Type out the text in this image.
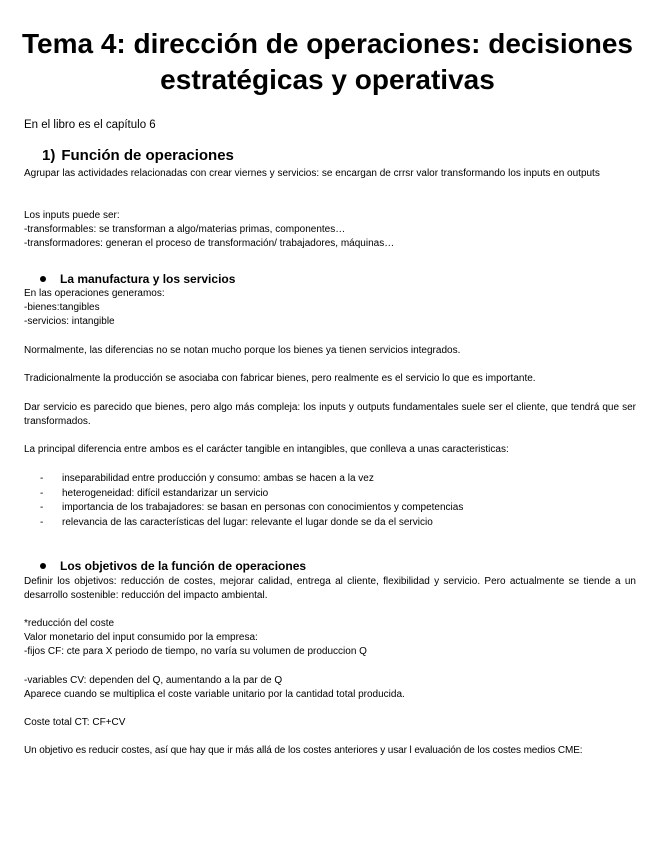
Tema 4: dirección de operaciones: decisiones
estratégicas y operativas

En el libro es el capítulo 6

1) Función de operaciones

Agrupar las actividades relacionadas con crear viernes y servicios: se encargan de crrsr valor transformando los inputs en outputs

Los inputs puede ser:
-transformables: se transforman a algo/materias primas, componentes…
-transformadores: generan el proceso de transformación/ trabajadores, máquinas…

La manufactura y los servicios

En las operaciones generamos:
-bienes:tangibles
-servicios: intangible

Normalmente, las diferencias no se notan mucho porque los bienes ya tienen servicios integrados.

Tradicionalmente la producción se asociaba con fabricar bienes, pero realmente es el servicio lo que es importante.

Dar servicio es parecido que bienes, pero algo más compleja: los inputs y outputs fundamentales suele ser el cliente, que tendrá que ser transformados.

La principal diferencia entre ambos es el carácter tangible en intangibles, que conlleva a unas caracteristicas:

- inseparabilidad entre producción y consumo: ambas se hacen a la vez
- heterogeneidad: difícil estandarizar un servicio
- importancia de los trabajadores: se basan en personas con conocimientos y competencias
- relevancia de las características del lugar: relevante el lugar donde se da el servicio
Los objetivos de la función de operaciones

Definir los objetivos: reducción de costes, mejorar calidad, entrega al cliente, flexibilidad y servicio. Pero actualmente se tiende a un desarrollo sostenible: reducción del impacto ambiental.

*reducción del coste
Valor monetario del input consumido por la empresa:
-fijos CF: cte para X periodo de tiempo, no varía su volumen de produccion Q

-variables CV: dependen del Q, aumentando a la par de Q
Aparece cuando se multiplica el coste variable unitario por la cantidad total producida.

Coste total CT: CF+CV

Un objetivo es reducir costes, así que hay que ir más allá de los costes anteriores y usar l evaluación de los costes medios CME:
